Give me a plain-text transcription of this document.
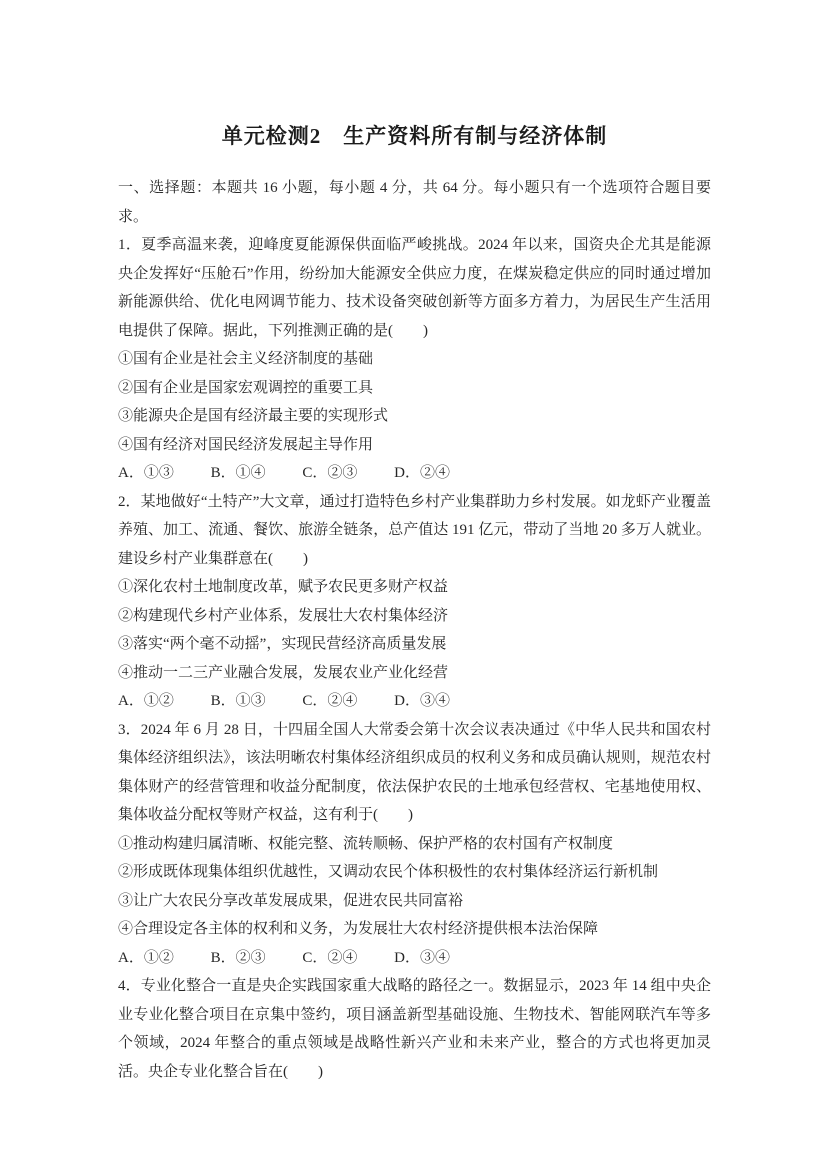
单元检测2　生产资料所有制与经济体制

一、选择题：本题共 16 小题，每小题 4 分，共 64 分。每小题只有一个选项符合题目要求。

1．夏季高温来袭，迎峰度夏能源保供面临严峻挑战。2024 年以来，国资央企尤其是能源央企发挥好“压舱石”作用，纷纷加大能源安全供应力度，在煤炭稳定供应的同时通过增加新能源供给、优化电网调节能力、技术设备突破创新等方面多方着力，为居民生产生活用电提供了保障。据此，下列推测正确的是(　　)

①国有企业是社会主义经济制度的基础

②国有企业是国家宏观调控的重要工具

③能源央企是国有经济最主要的实现形式

④国有经济对国民经济发展起主导作用

A．①③ B．①④ C．②③ D．②④

2．某地做好“土特产”大文章，通过打造特色乡村产业集群助力乡村发展。如龙虾产业覆盖养殖、加工、流通、餐饮、旅游全链条，总产值达 191 亿元，带动了当地 20 多万人就业。建设乡村产业集群意在(　　)

①深化农村土地制度改革，赋予农民更多财产权益

②构建现代乡村产业体系，发展壮大农村集体经济

③落实“两个毫不动摇”，实现民营经济高质量发展

④推动一二三产业融合发展，发展农业产业化经营

A．①② B．①③ C．②④ D．③④

3．2024 年 6 月 28 日，十四届全国人大常委会第十次会议表决通过《中华人民共和国农村集体经济组织法》，该法明晰农村集体经济组织成员的权利义务和成员确认规则，规范农村集体财产的经营管理和收益分配制度，依法保护农民的土地承包经营权、宅基地使用权、集体收益分配权等财产权益，这有利于(　　)

①推动构建归属清晰、权能完整、流转顺畅、保护严格的农村国有产权制度

②形成既体现集体组织优越性，又调动农民个体积极性的农村集体经济运行新机制

③让广大农民分享改革发展成果，促进农民共同富裕

④合理设定各主体的权利和义务，为发展壮大农村经济提供根本法治保障

A．①② B．②③ C．②④ D．③④

4．专业化整合一直是央企实践国家重大战略的路径之一。数据显示，2023 年 14 组中央企业专业化整合项目在京集中签约，项目涵盖新型基础设施、生物技术、智能网联汽车等多个领域，2024 年整合的重点领域是战略性新兴产业和未来产业，整合的方式也将更加灵活。央企专业化整合旨在(　　)
